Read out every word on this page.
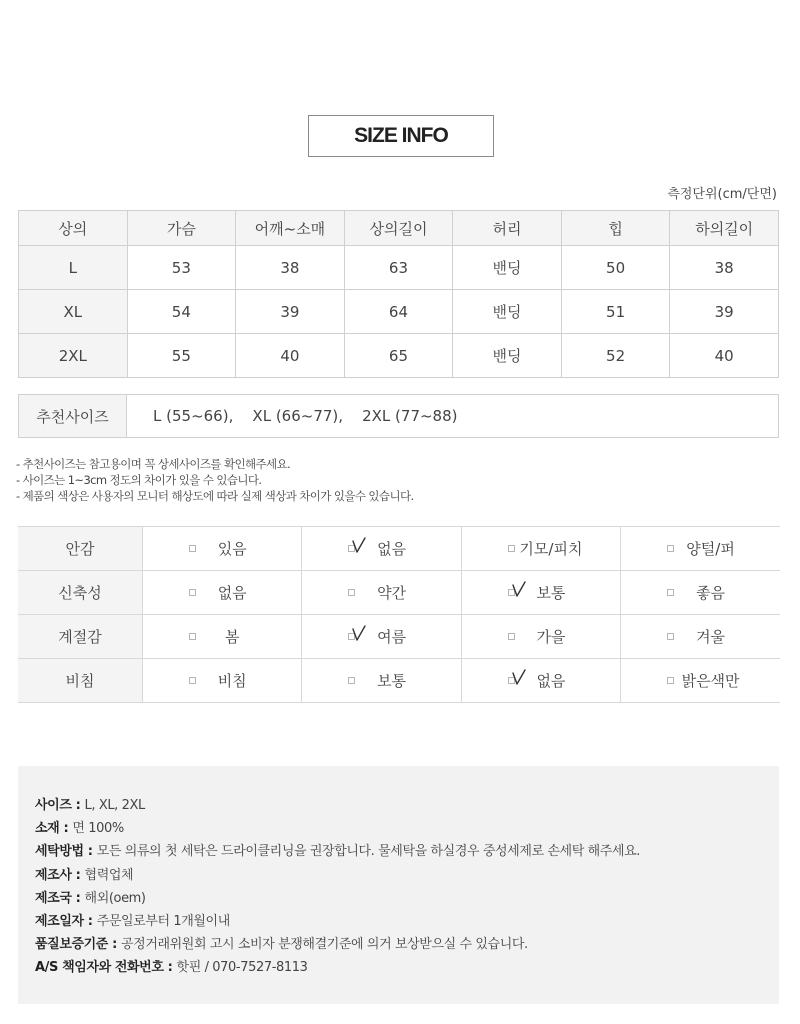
SIZE INFO
측정단위(cm/단면)
상의	가슴	어깨~소매	상의길이	허리	힙	하의길이
L	53	38	63	밴딩	50	38
XL	54	39	64	밴딩	51	39
2XL	55	40	65	밴딩	52	40
추천사이즈	L (55~66),    XL (66~77),    2XL (77~88)
- 추천사이즈는 참고용이며 꼭 상세사이즈를 확인해주세요.
- 사이즈는 1~3cm 정도의 차이가 있을 수 있습니다.
- 제품의 색상은 사용자의 모니터 해상도에 따라 실제 색상과 차이가 있을수 있습니다.
안감	있음	없음	기모/피치	양털/퍼

신축성	없음	약간	보통	좋음

계절감	봄	여름	가을	겨울

비침	비침	보통	없음	밝은색만
사이즈 : L, XL, 2XL
소재 : 면 100%
세탁방법 : 모든 의류의 첫 세탁은 드라이클리닝을 권장합니다. 물세탁을 하실경우 중성세제로 손세탁 해주세요.
제조사 : 협력업체
제조국 : 해외(oem)
제조일자 : 주문일로부터 1개월이내
품질보증기준 : 공정거래위원회 고시 소비자 분쟁해결기준에 의거 보상받으실 수 있습니다.
A/S 책임자와 전화번호 : 핫핀 / 070-7527-8113
